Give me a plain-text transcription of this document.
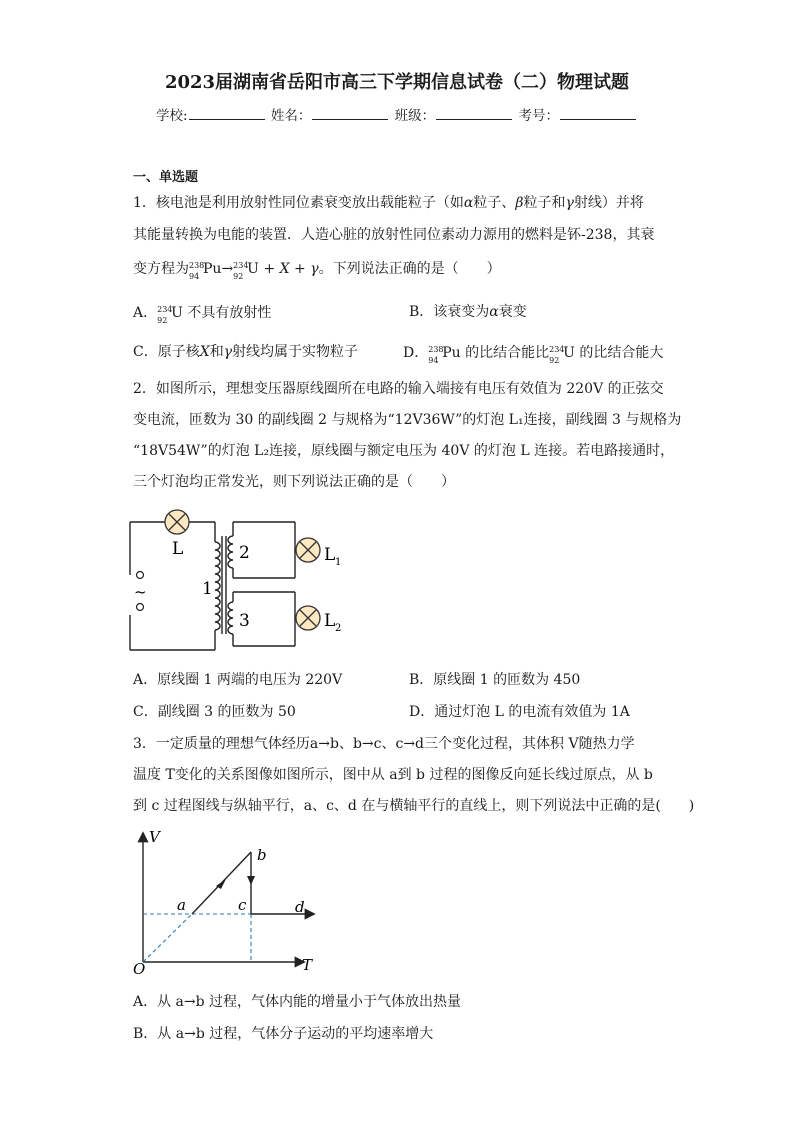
2023届湖南省岳阳市高三下学期信息试卷（二）物理试题
学校:	姓名：	班级：	考号：
一、单选题
1．核电池是利用放射性同位素衰变放出载能粒子（如α粒子、β粒子和γ射线）并将
其能量转换为电能的装置．人造心脏的放射性同位素动力源用的燃料是钚-238，其衰
变方程为 238
94 Pu→ 234
92 U + X + γ。下列说法正确的是（　　）
A． 234
92 U 不具有放射性	B．该衰变为α衰变
C．原子核X和γ射线均属于实物粒子	D． 238
94 Pu 的比结合能比 234
92 U 的比结合能大
2．如图所示，理想变压器原线圈所在电路的输入端接有电压有效值为 220V 的正弦交
变电流，匝数为 30 的副线圈 2 与规格为“12V36W”的灯泡 L₁连接，副线圈 3 与规格为
“18V54W”的灯泡 L₂连接，原线圈与额定电压为 40V 的灯泡 L 连接。若电路接通时，
三个灯泡均正常发光，则下列说法正确的是（　　）
L
1
2
3
L 1
L 2
~
A．原线圈 1 两端的电压为 220V	B．原线圈 1 的匝数为 450
C．副线圈 3 的匝数为 50	D．通过灯泡 L 的电流有效值为 1A
3．一定质量的理想气体经历a→b、b→c、c→d三个变化过程，其体积 V随热力学
温度 T变化的关系图像如图所示，图中从 a到 b 过程的图像反向延长线过原点，从 b
到 c 过程图线与纵轴平行，a、c、d 在与横轴平行的直线上，则下列说法中正确的是(　　)
V
T
O
a
b
c	d
A．从 a→b 过程，气体内能的增量小于气体放出热量
B．从 a→b 过程，气体分子运动的平均速率增大
